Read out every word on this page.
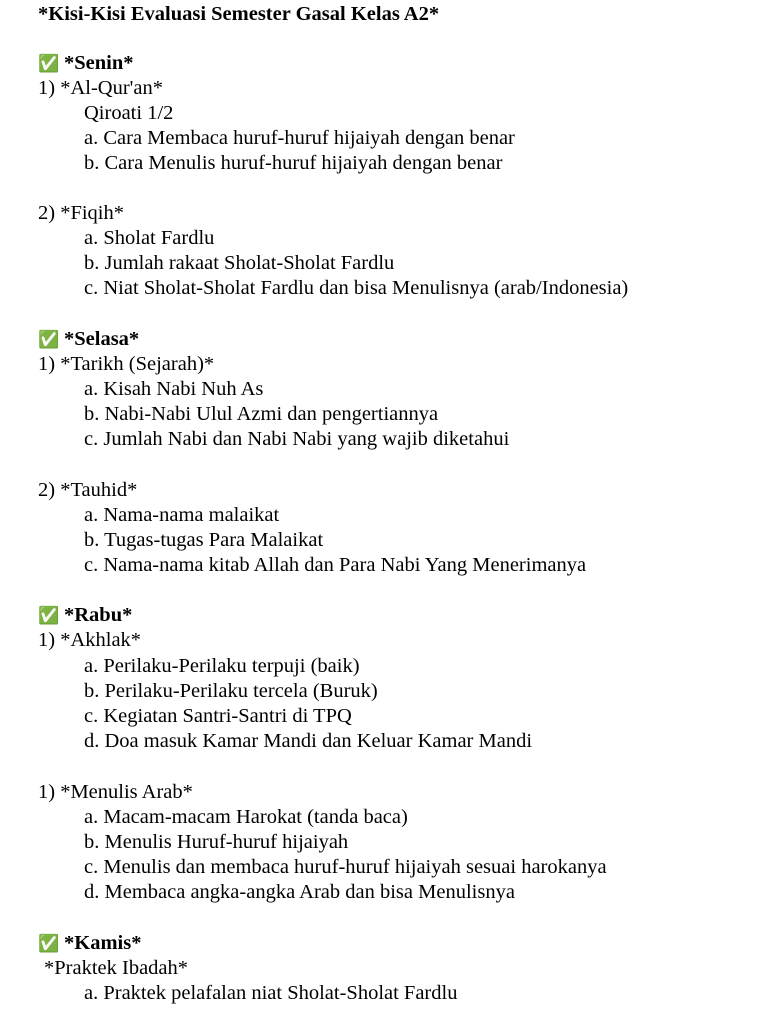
*Kisi-Kisi Evaluasi Semester Gasal Kelas A2*
✅ *Senin*
1) *Al-Qur'an*
Qiroati 1/2
a. Cara Membaca huruf-huruf hijaiyah dengan benar
b. Cara Menulis huruf-huruf hijaiyah dengan benar
2) *Fiqih*
a. Sholat Fardlu
b. Jumlah rakaat Sholat-Sholat Fardlu
c. Niat Sholat-Sholat Fardlu dan bisa Menulisnya (arab/Indonesia)
✅ *Selasa*
1) *Tarikh (Sejarah)*
a. Kisah Nabi Nuh As
b. Nabi-Nabi Ulul Azmi dan pengertiannya
c. Jumlah Nabi dan Nabi Nabi yang wajib diketahui
2) *Tauhid*
a. Nama-nama malaikat
b. Tugas-tugas Para Malaikat
c. Nama-nama kitab Allah dan Para Nabi Yang Menerimanya
✅ *Rabu*
1) *Akhlak*
a. Perilaku-Perilaku terpuji (baik)
b. Perilaku-Perilaku tercela (Buruk)
c. Kegiatan Santri-Santri di TPQ
d. Doa masuk Kamar Mandi dan Keluar Kamar Mandi
1) *Menulis Arab*
a. Macam-macam Harokat (tanda baca)
b. Menulis Huruf-huruf hijaiyah
c. Menulis dan membaca huruf-huruf hijaiyah sesuai harokanya
d. Membaca angka-angka Arab dan bisa Menulisnya
✅ *Kamis*
*Praktek Ibadah*
a. Praktek pelafalan niat Sholat-Sholat Fardlu
